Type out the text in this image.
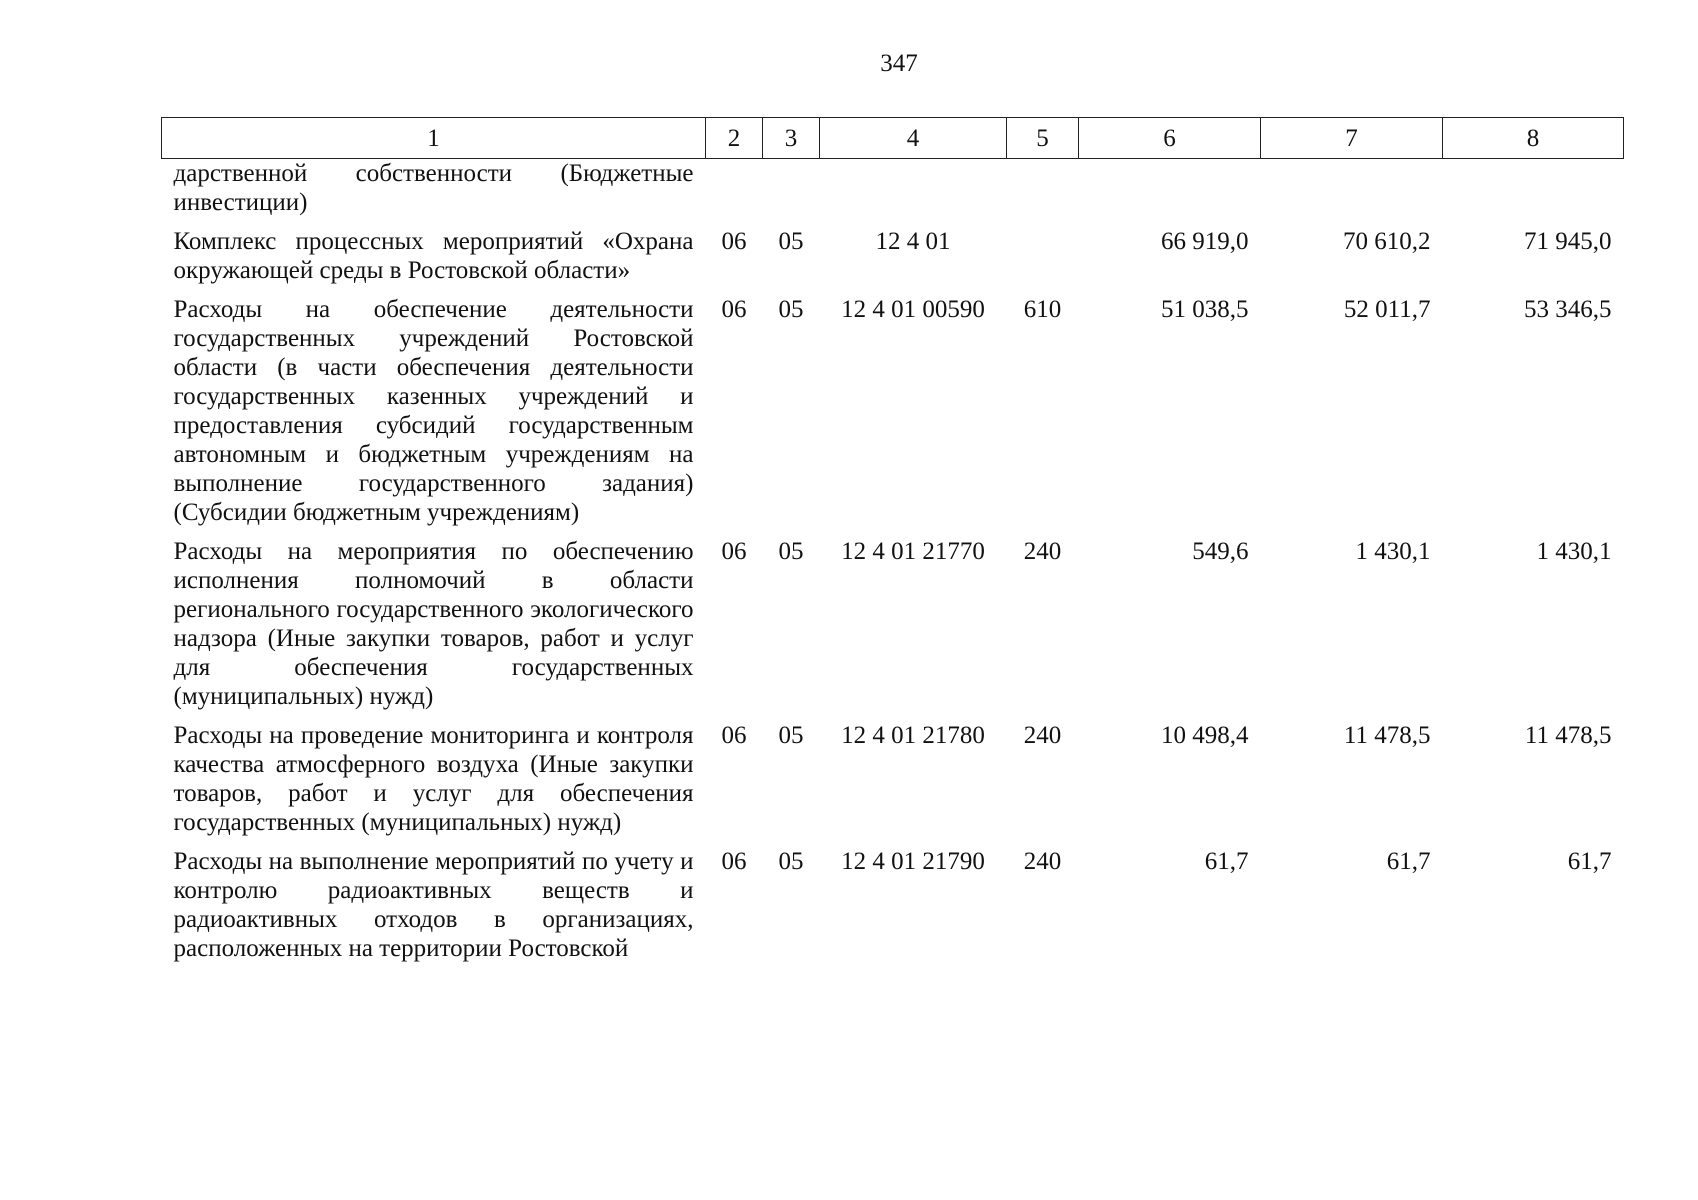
347
1	2	3	4	5	6	7	8
дарственной собственности (Бюджетные инвестиции)							
Комплекс процессных мероприятий «Охрана окружающей среды в Ростовской области»	06	05	12 4 01		66 919,0	70 610,2	71 945,0
Расходы на обеспечение деятельности государственных учреждений Ростовской области (в части обеспечения деятельности государственных казенных учреждений и предоставления субсидий государственным автономным и бюджетным учреждениям на выполнение государственного задания) (Субсидии бюджетным учреждениям)	06	05	12 4 01 00590	610	51 038,5	52 011,7	53 346,5
Расходы на мероприятия по обеспечению исполнения полномочий в области регионального государственного экологического надзора (Иные закупки товаров, работ и услуг для обеспечения государственных (муниципальных) нужд)	06	05	12 4 01 21770	240	549,6	1 430,1	1 430,1
Расходы на проведение мониторинга и контроля качества атмосферного воздуха (Иные закупки товаров, работ и услуг для обеспечения государственных (муниципальных) нужд)	06	05	12 4 01 21780	240	10 498,4	11 478,5	11 478,5
Расходы на выполнение мероприятий по учету и контролю радиоактивных веществ и радиоактивных отходов в организациях, расположенных на территории Ростовской	06	05	12 4 01 21790	240	61,7	61,7	61,7
